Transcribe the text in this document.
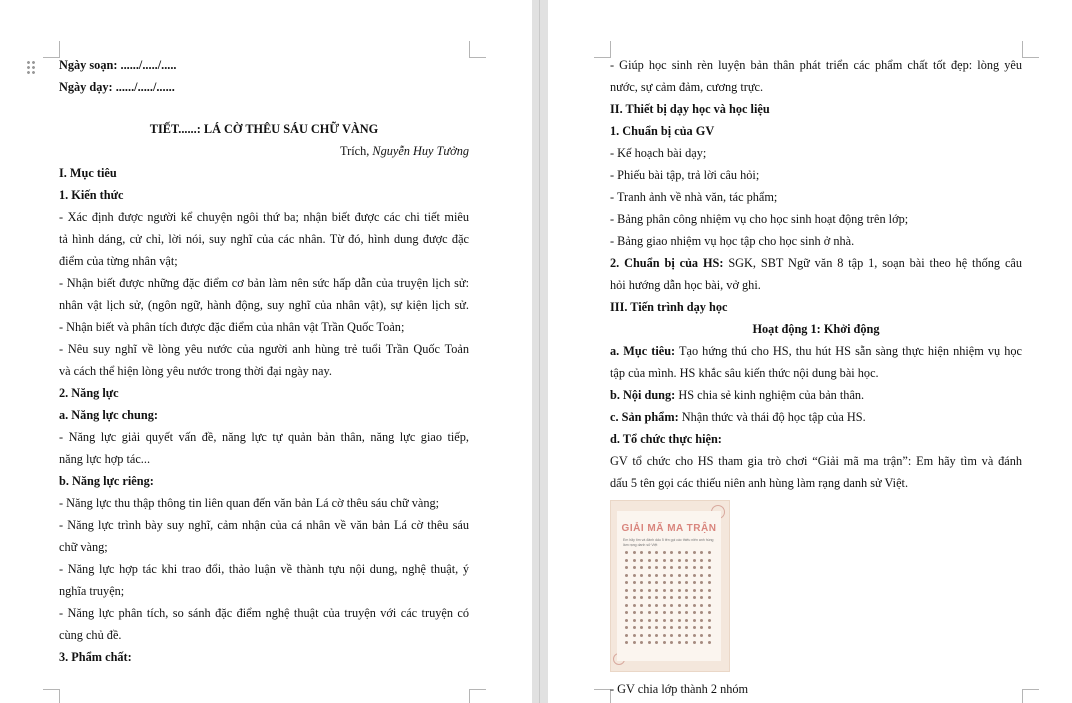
Ngày soạn: ....../...../.....
Ngày dạy: ....../...../......
TIẾT......: LÁ CỜ THÊU SÁU CHỮ VÀNG
Trích, Nguyễn Huy Tưởng
I. Mục tiêu
1. Kiến thức
- Xác định được người kể chuyện ngôi thứ ba; nhận biết được các chi tiết miêu
tả hình dáng, cử chỉ, lời nói, suy nghĩ của các nhân. Từ đó, hình dung được đặc
điểm của từng nhân vật;
- Nhận biết được những đặc điểm cơ bản làm nên sức hấp dẫn của truyện lịch sử:
nhân vật lịch sử, (ngôn ngữ, hành động, suy nghĩ của nhân vật), sự kiện lịch sử.
- Nhận biết và phân tích được đặc điểm của nhân vật Trần Quốc Toản;
- Nêu suy nghĩ về lòng yêu nước của người anh hùng trẻ tuổi Trần Quốc Toản
và cách thể hiện lòng yêu nước trong thời đại ngày nay.
2. Năng lực
a. Năng lực chung:
- Năng lực giải quyết vấn đề, năng lực tự quản bản thân, năng lực giao tiếp,
năng lực hợp tác...
b. Năng lực riêng:
- Năng lực thu thập thông tin liên quan đến văn bản Lá cờ thêu sáu chữ vàng;
- Năng lực trình bày suy nghĩ, cảm nhận của cá nhân về văn bản Lá cờ thêu sáu
chữ vàng;
- Năng lực hợp tác khi trao đổi, thảo luận về thành tựu nội dung, nghệ thuật, ý
nghĩa truyện;
- Năng lực phân tích, so sánh đặc điểm nghệ thuật của truyện với các truyện có
cùng chủ đề.
3. Phẩm chất:
- Giúp học sinh rèn luyện bản thân phát triển các phẩm chất tốt đẹp: lòng yêu
nước, sự cảm đảm, cương trực.
II. Thiết bị dạy học và học liệu
1. Chuẩn bị của GV
- Kế hoạch bài dạy;
- Phiếu bài tập, trả lời câu hỏi;
- Tranh ảnh về nhà văn, tác phẩm;
- Bảng phân công nhiệm vụ cho học sinh hoạt động trên lớp;
- Bảng giao nhiệm vụ học tập cho học sinh ở nhà.
2. Chuẩn bị của HS: SGK, SBT Ngữ văn 8 tập 1, soạn bài theo hệ thống câu
hỏi hướng dẫn học bài, vở ghi.
III. Tiến trình dạy học
Hoạt động 1: Khởi động
a. Mục tiêu: Tạo hứng thú cho HS, thu hút HS sẵn sàng thực hiện nhiệm vụ học
tập của mình. HS khắc sâu kiến thức nội dung bài học.
b. Nội dung: HS chia sẻ kinh nghiệm của bản thân.
c. Sản phẩm: Nhận thức và thái độ học tập của HS.
d. Tổ chức thực hiện:
GV tổ chức cho HS tham gia trò chơi “Giải mã ma trận”: Em hãy tìm và đánh
dấu 5 tên gọi các thiếu niên anh hùng làm rạng danh sử Việt.
GIẢI MÃ MA TRẬN
Em hãy tìm và đánh dấu 5 tên gọi các thiếu niên anh hùng làm rạng danh sử Việt
- GV chia lớp thành 2 nhóm
